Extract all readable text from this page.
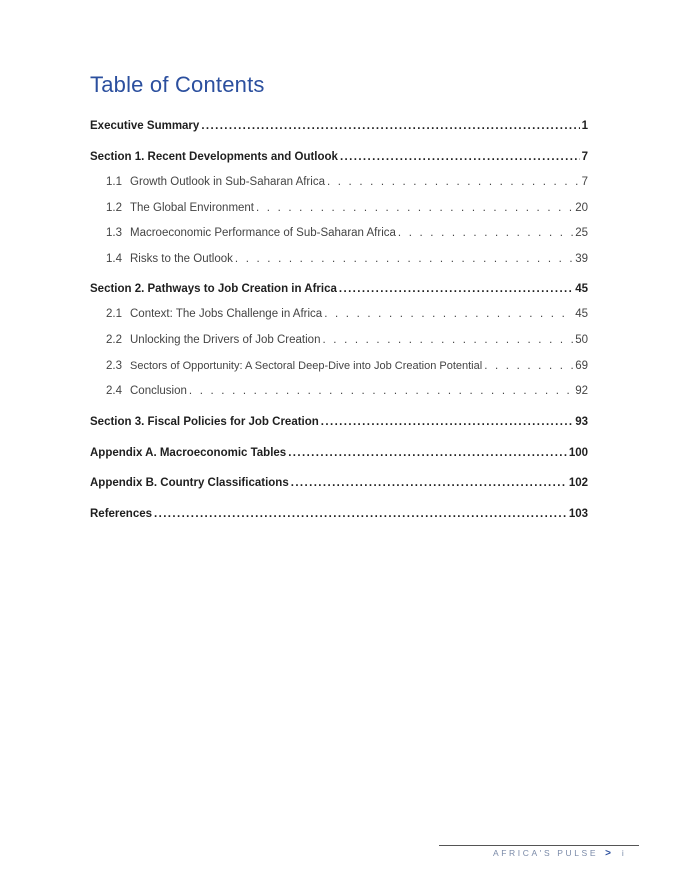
Table of Contents
Executive Summary .....	1
Section 1. Recent Developments and Outlook .....	7
1.1 Growth Outlook in Sub-Saharan Africa . . .	7
1.2 The Global Environment . . .	20
1.3 Macroeconomic Performance of Sub-Saharan Africa . . .	25
1.4 Risks to the Outlook . . .	39
Section 2. Pathways to Job Creation in Africa .....	45
2.1 Context: The Jobs Challenge in Africa . . .	45
2.2 Unlocking the Drivers of Job Creation . . .	50
2.3 Sectors of Opportunity: A Sectoral Deep-Dive into Job Creation Potential . . .	69
2.4 Conclusion . . .	92
Section 3. Fiscal Policies for Job Creation .....	93
Appendix A. Macroeconomic Tables .....	100
Appendix B. Country Classifications .....	102
References .....	103
AFRICA'S PULSE > i
